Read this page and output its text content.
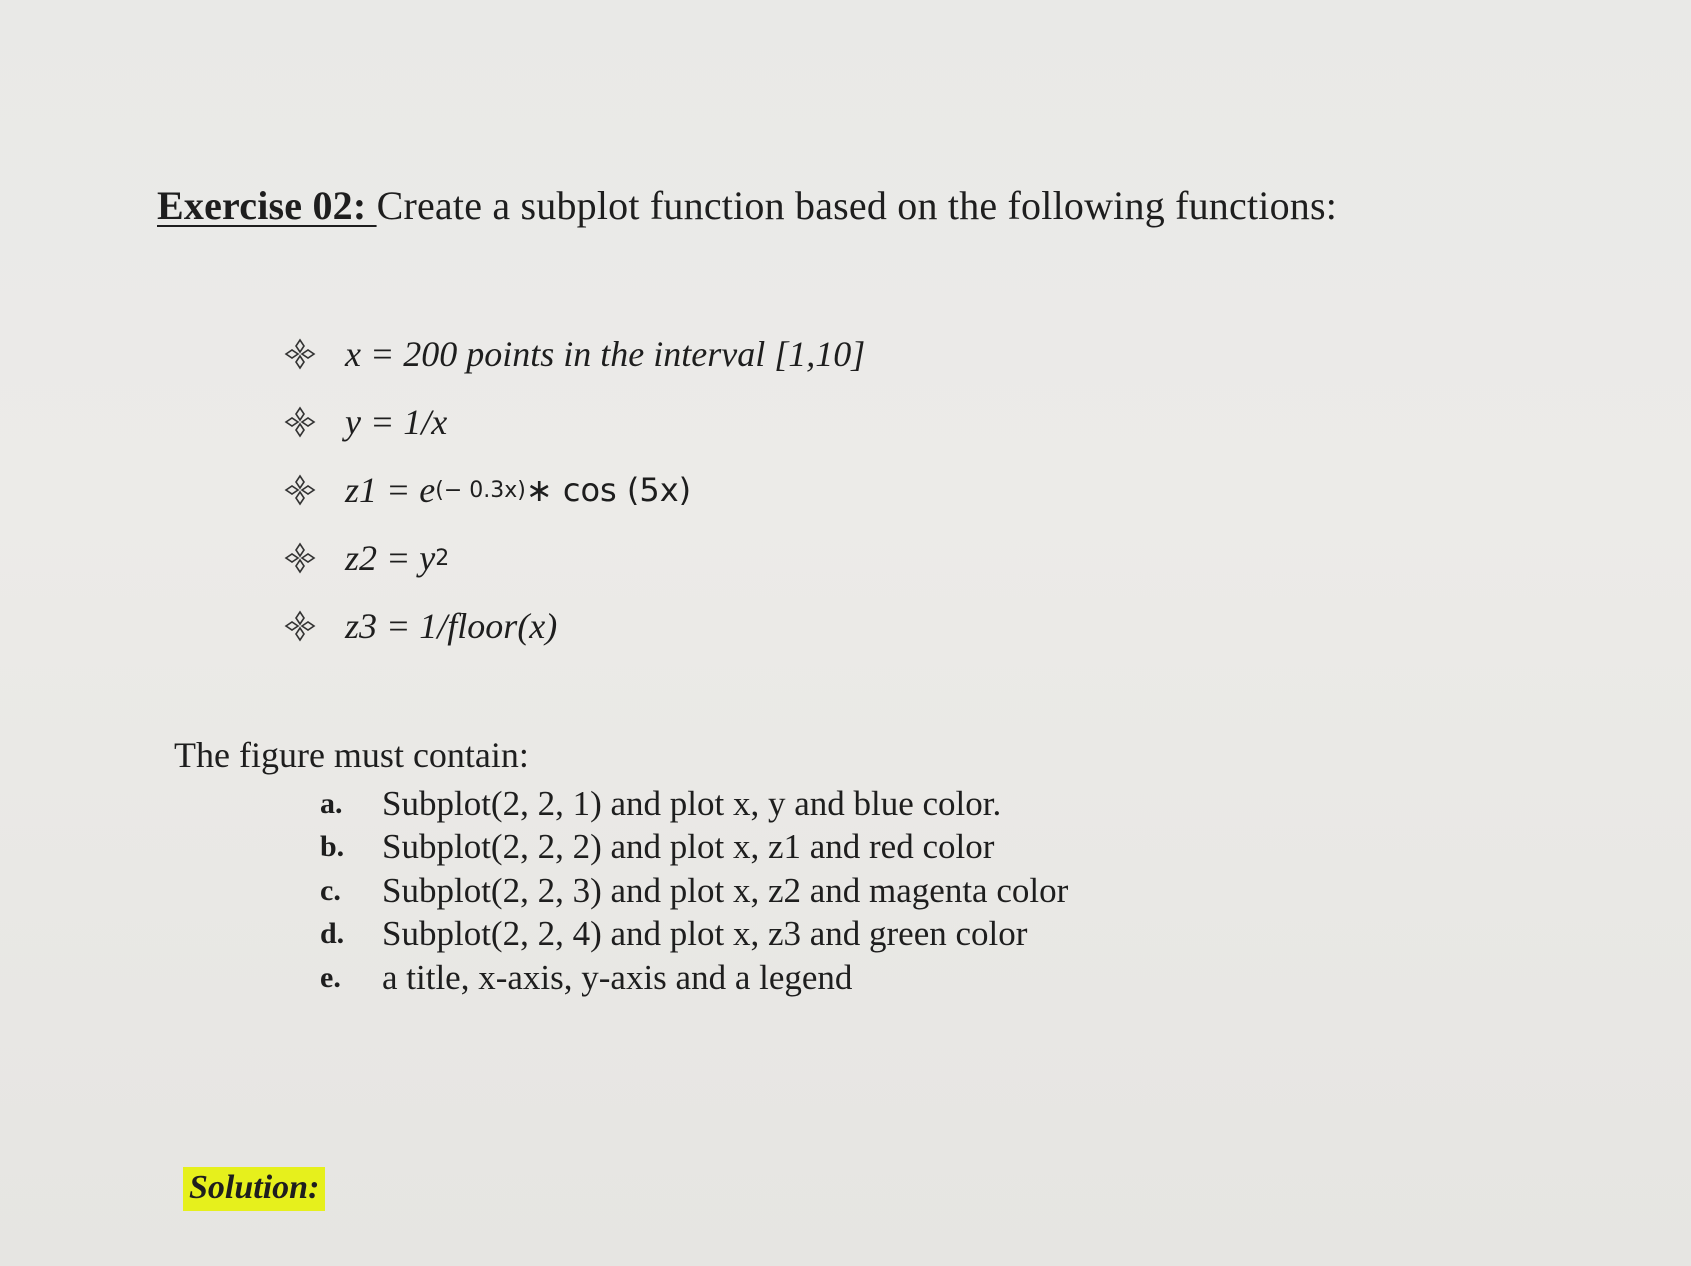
Exercise 02: Create a subplot function based on the following functions:
x = 200 points in the interval [1,10]
y = 1/x
z1 = e (− 0.3x) ∗ cos (5x)
z2 = y 2
z3 = 1/floor(x)
The figure must contain:
a.	Subplot(2, 2, 1) and plot x, y and blue color.
b.	Subplot(2, 2, 2) and plot x, z1 and red color
c.	Subplot(2, 2, 3) and plot x, z2 and magenta color
d.	Subplot(2, 2, 4) and plot x, z3 and green color
e.	a title, x-axis, y-axis and a legend
Solution:
